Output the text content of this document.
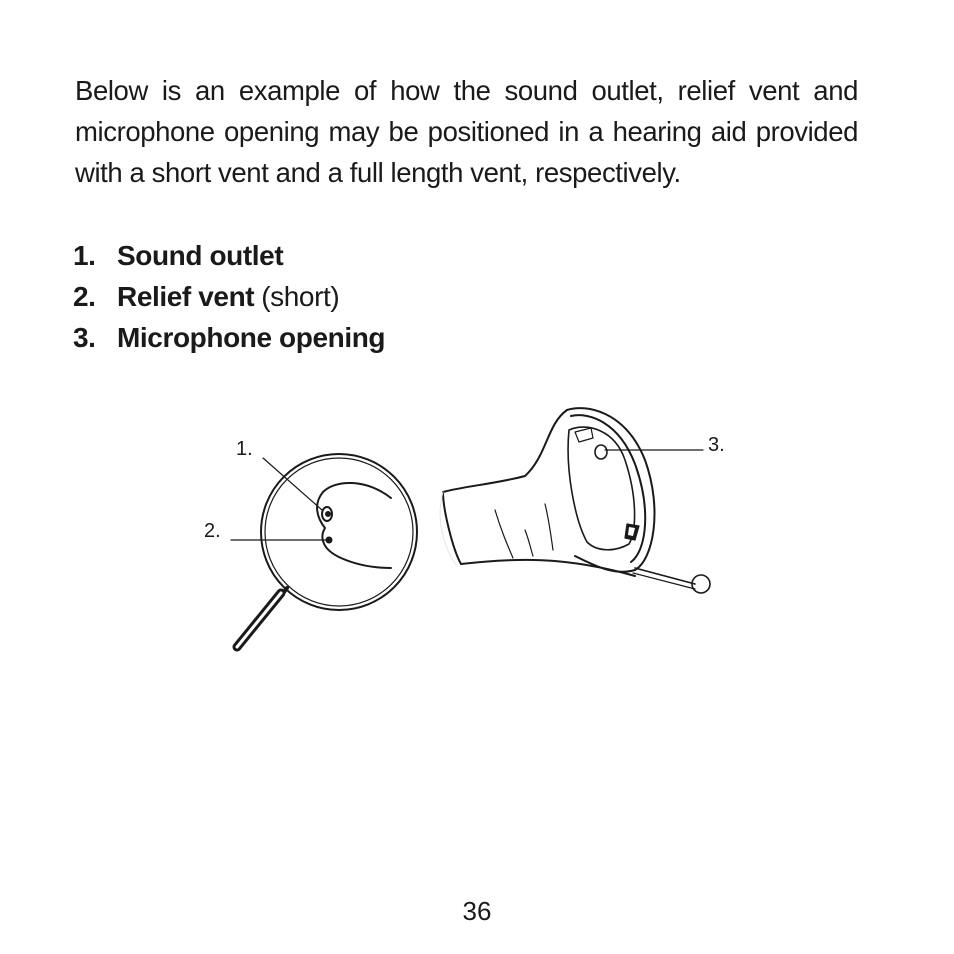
Below is an example of how the sound outlet, relief vent and
microphone opening may be positioned in a hearing aid provided
with a short vent and a full length vent, respectively.
1. Sound outlet
2. Relief vent (short)
3. Microphone opening
1.
2.
3.
36
